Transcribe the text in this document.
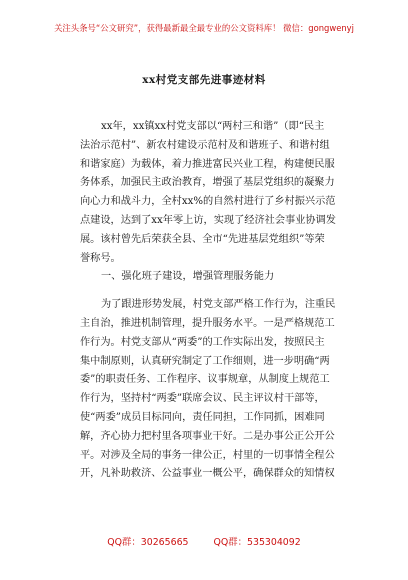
关注头条号“公文研究”，获得最新最全最专业的公文资料库！ 微信：gongwenyj
xx村党支部先进事迹材料
xx年，xx镇xx村党支部以“两村三和谐”（即“民主
法治示范村”、新农村建设示范村及和谐班子、和谐村组
和谐家庭）为载体，着力推进富民兴业工程，构建便民服
务体系，加强民主政治教育，增强了基层党组织的凝聚力
向心力和战斗力，全村xx%的自然村进行了乡村振兴示范
点建设，达到了xx年零上访，实现了经济社会事业协调发
展。该村曾先后荣获全县、全市“先进基层党组织”等荣
誉称号。
一、强化班子建设，增强管理服务能力
为了跟进形势发展，村党支部严格工作行为，注重民
主自治，推进机制管理，提升服务水平。一是严格规范工
作行为。村党支部从“两委”的工作实际出发，按照民主
集中制原则，认真研究制定了工作细则，进一步明确“两
委”的职责任务、工作程序、议事规章，从制度上规范工
作行为，坚持村“两委”联席会议、民主评议村干部等，
使“两委”成员目标同向，责任同担，工作同抓，困难同
解，齐心协力把村里各项事业干好。二是办事公正公开公
平。对涉及全局的事务一律公正，村里的一切事情全程公
开，凡补助救济、公益事业一概公平，确保群众的知情权
QQ群：30265665	QQ群：535304092
